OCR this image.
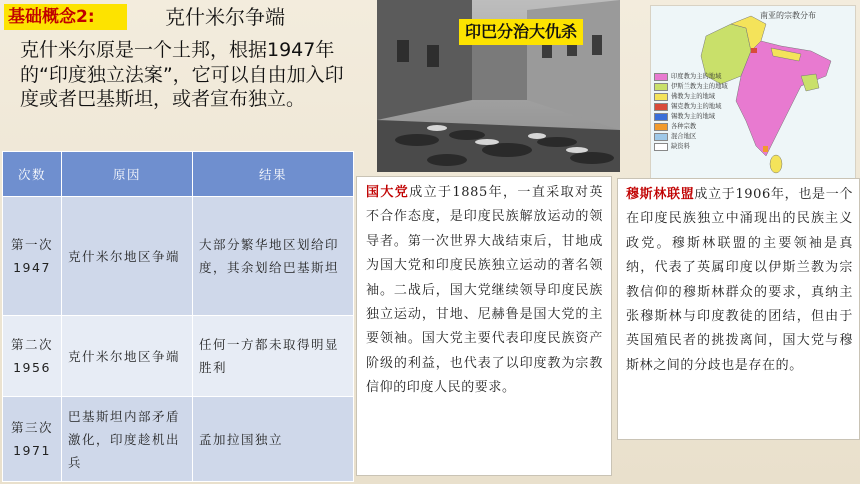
基础概念2:	克什米尔争端
克什米尔原是一个土邦，根据1947年的“印度独立法案”，它可以自由加入印度或者巴基斯坦，或者宣布独立。
次数	原因	结果
第一次1947	克什米尔地区争端	大部分繁华地区划给印度，其余划给巴基斯坦
第二次1956	克什米尔地区争端	任何一方都未取得明显胜利
第三次1971	巴基斯坦内部矛盾激化，印度趁机出兵	孟加拉国独立
印巴分治大仇杀
南亚的宗教分布
印度教为主的地域
伊斯兰教为主的地域
佛教为主的地域
锡克教为主的地域
锡教为主的地域
各种宗教
混合地区
缺资料
国大党成立于1885年，一直采取对英不合作态度，是印度民族解放运动的领导者。第一次世界大战结束后，甘地成为国大党和印度民族独立运动的著名领袖。二战后，国大党继续领导印度民族独立运动，甘地、尼赫鲁是国大党的主要领袖。国大党主要代表印度民族资产阶级的利益，也代表了以印度教为宗教信仰的印度人民的要求。
穆斯林联盟成立于1906年，也是一个在印度民族独立中涌现出的民族主义政党。穆斯林联盟的主要领袖是真纳，代表了英属印度以伊斯兰教为宗教信仰的穆斯林群众的要求，真纳主张穆斯林与印度教徒的团结，但由于英国殖民者的挑拨离间，国大党与穆斯林之间的分歧也是存在的。
